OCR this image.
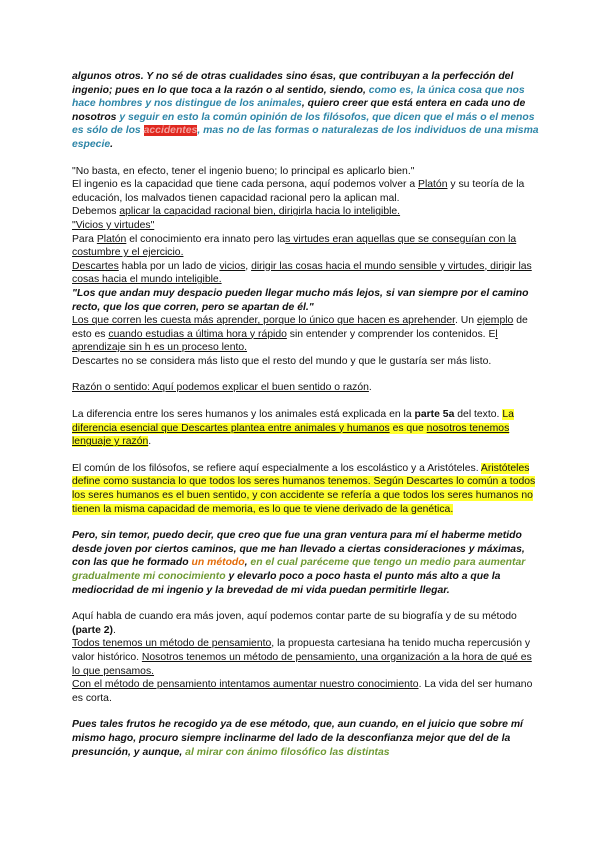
algunos otros. Y no sé de otras cualidades sino ésas, que contribuyan a la perfección del ingenio; pues en lo que toca a la razón o al sentido, siendo, como es, la única cosa que nos hace hombres y nos distingue de los animales, quiero creer que está entera en cada uno de nosotros y seguir en esto la común opinión de los filósofos, que dicen que el más o el menos es sólo de los accidentes, mas no de las formas o naturalezas de los individuos de una misma especie.

"No basta, en efecto, tener el ingenio bueno; lo principal es aplicarlo bien."

El ingenio es la capacidad que tiene cada persona, aquí podemos volver a Platón y su teoría de la educación, los malvados tienen capacidad racional pero la aplican mal.

Debemos aplicar la capacidad racional bien, dirigirla hacia lo inteligible.

"Vicios y virtudes"

Para Platón el conocimiento era innato pero las virtudes eran aquellas que se conseguían con la costumbre y el ejercicio.

Descartes habla por un lado de vicios, dirigir las cosas hacia el mundo sensible y virtudes, dirigir las cosas hacia el mundo inteligible.

"Los que andan muy despacio pueden llegar mucho más lejos, si van siempre por el camino recto, que los que corren, pero se apartan de él."

Los que corren les cuesta más aprender, porque lo único que hacen es aprehender. Un ejemplo de esto es cuando estudias a última hora y rápido sin entender y comprender los contenidos. El aprendizaje sin h es un proceso lento.

Descartes no se considera más listo que el resto del mundo y que le gustaría ser más listo.

Razón o sentido: Aquí podemos explicar el buen sentido o razón.

La diferencia entre los seres humanos y los animales está explicada en la parte 5a del texto. La diferencia esencial que Descartes plantea entre animales y humanos es que nosotros tenemos lenguaje y razón.

El común de los filósofos, se refiere aquí especialmente a los escolástico y a Aristóteles. Aristóteles define como sustancia lo que todos los seres humanos tenemos. Según Descartes lo común a todos los seres humanos es el buen sentido, y con accidente se refería a que todos los seres humanos no tienen la misma capacidad de memoria, es lo que te viene derivado de la genética.

Pero, sin temor, puedo decir, que creo que fue una gran ventura para mí el haberme metido desde joven por ciertos caminos, que me han llevado a ciertas consideraciones y máximas, con las que he formado un método, en el cual paréceme que tengo un medio para aumentar gradualmente mi conocimiento y elevarlo poco a poco hasta el punto más alto a que la mediocridad de mi ingenio y la brevedad de mi vida puedan permitirle llegar.

Aquí habla de cuando era más joven, aquí podemos contar parte de su biografía y de su método (parte 2).

Todos tenemos un método de pensamiento, la propuesta cartesiana ha tenido mucha repercusión y valor histórico. Nosotros tenemos un método de pensamiento, una organización a la hora de qué es lo que pensamos.

Con el método de pensamiento intentamos aumentar nuestro conocimiento. La vida del ser humano es corta.

Pues tales frutos he recogido ya de ese método, que, aun cuando, en el juicio que sobre mí mismo hago, procuro siempre inclinarme del lado de la desconfianza mejor que del de la presunción, y aunque, al mirar con ánimo filosófico las distintas
